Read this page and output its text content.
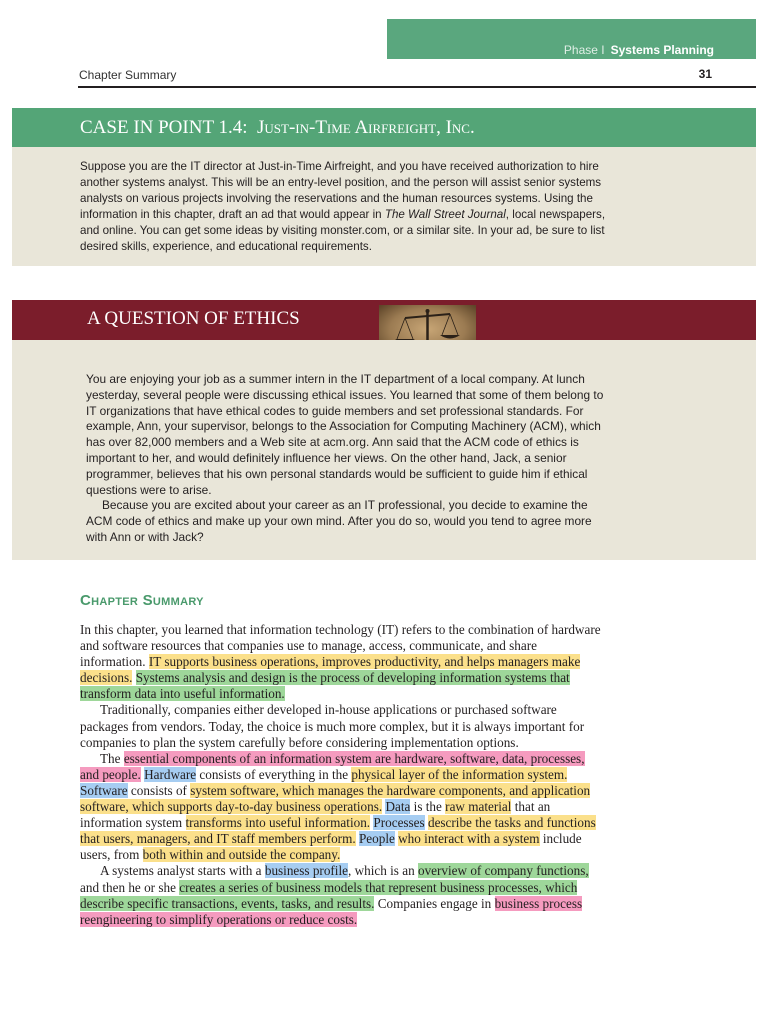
Phase I Systems Planning
Chapter Summary	31
CASE IN POINT 1.4: Just-in-Time Airfreight, Inc.

Suppose you are the IT director at Just-in-Time Airfreight, and you have received authorization to hire another systems analyst. This will be an entry-level position, and the person will assist senior systems analysts on various projects involving the reservations and the human resources systems. Using the information in this chapter, draft an ad that would appear in The Wall Street Journal, local newspapers, and online. You can get some ideas by visiting monster.com, or a similar site. In your ad, be sure to list desired skills, experience, and educational requirements.

A QUESTION OF ETHICS
You are enjoying your job as a summer intern in the IT department of a local company. At lunch yesterday, several people were discussing ethical issues. You learned that some of them belong to IT organizations that have ethical codes to guide members and set professional standards. For example, Ann, your supervisor, belongs to the Association for Computing Machinery (ACM), which has over 82,000 members and a Web site at acm.org. Ann said that the ACM code of ethics is important to her, and would definitely influence her views. On the other hand, Jack, a senior programmer, believes that his own personal standards would be sufficient to guide him if ethical questions were to arise.
Because you are excited about your career as an IT professional, you decide to examine the ACM code of ethics and make up your own mind. After you do so, would you tend to agree more with Ann or with Jack?
Chapter Summary
In this chapter, you learned that information technology (IT) refers to the combination of hardware and software resources that companies use to manage, access, communicate, and share information. IT supports business operations, improves productivity, and helps managers make decisions. Systems analysis and design is the process of developing information systems that transform data into useful information.
Traditionally, companies either developed in-house applications or purchased software packages from vendors. Today, the choice is much more complex, but it is always important for companies to plan the system carefully before considering implementation options.
The essential components of an information system are hardware, software, data, processes, and people. Hardware consists of everything in the physical layer of the information system. Software consists of system software, which manages the hardware components, and application software, which supports day-to-day business operations. Data is the raw material that an information system transforms into useful information. Processes describe the tasks and functions that users, managers, and IT staff members perform. People who interact with a system include users, from both within and outside the company.
A systems analyst starts with a business profile, which is an overview of company functions, and then he or she creates a series of business models that represent business processes, which describe specific transactions, events, tasks, and results. Companies engage in business process reengineering to simplify operations or reduce costs.
